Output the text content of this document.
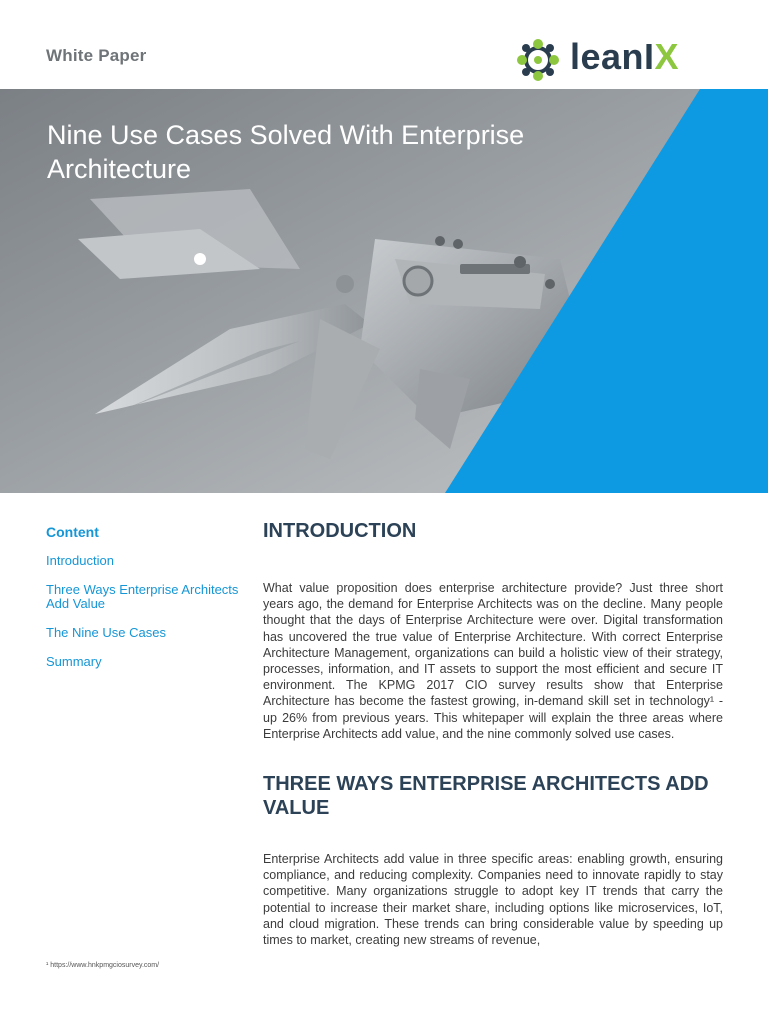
White Paper	leanIX
Nine Use Cases Solved With Enterprise Architecture
Content
Introduction
Three Ways Enterprise Architects Add Value
The Nine Use Cases
Summary
INTRODUCTION
What value proposition does enterprise architecture provide? Just three short years ago, the demand for Enterprise Architects was on the decline. Many people thought that the days of Enterprise Architecture were over. Digital transformation has uncovered the true value of Enterprise Architecture. With correct Enterprise Architecture Management, organizations can build a holistic view of their strategy, processes, information, and IT assets to support the most efficient and secure IT environment. The KPMG 2017 CIO survey results show that Enterprise Architecture has become the fastest growing, in-demand skill set in technology¹ - up 26% from previous years. This whitepaper will explain the three areas where Enterprise Architects add value, and the nine commonly solved use cases.
THREE WAYS ENTERPRISE ARCHITECTS ADD VALUE
Enterprise Architects add value in three specific areas: enabling growth, ensuring compliance, and reducing complexity. Companies need to innovate rapidly to stay competitive. Many organizations struggle to adopt key IT trends that carry the potential to increase their market share, including options like microservices, IoT, and cloud migration. These trends can bring considerable value by speeding up times to market, creating new streams of revenue,
¹ https://www.hnkpmgciosurvey.com/
